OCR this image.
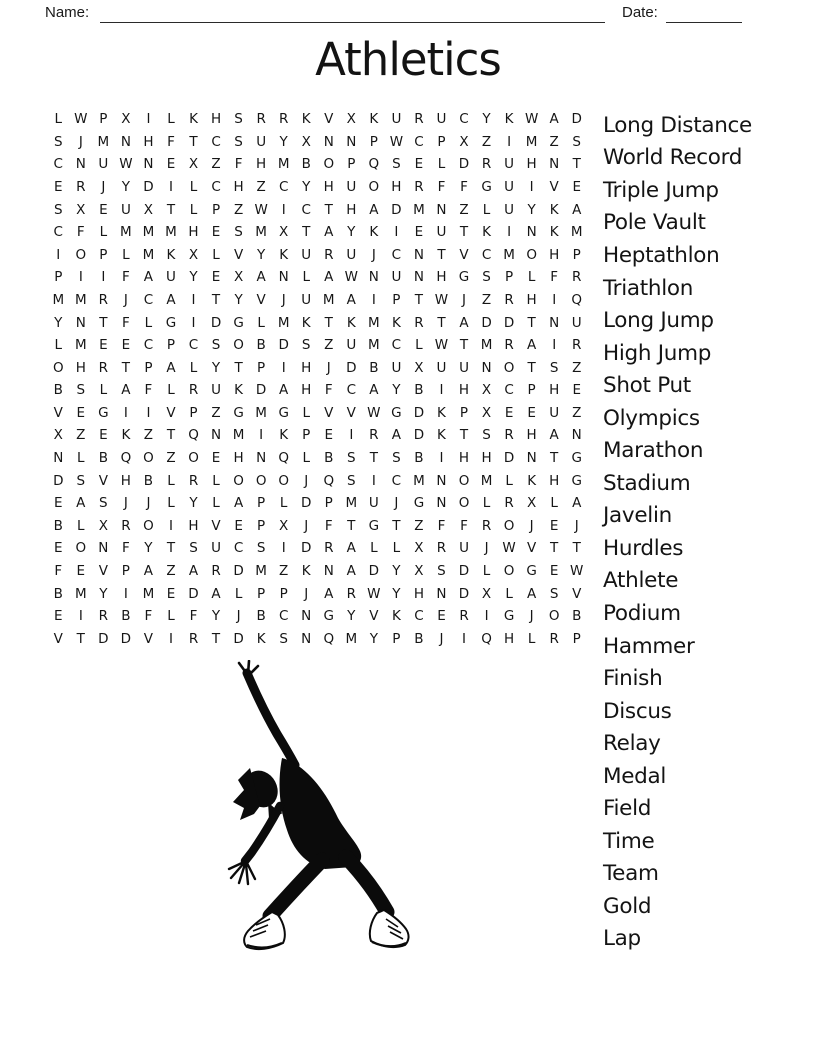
Name:	Date:
Athletics
L W P	X	I	L	K H S	R R K V X K U R U C	Y	K W A D
S	J	M N H	F	T	C	S U Y	X N N P W C	P	X Z	I	M Z	S
C N U W N E	X Z	F	H M B O P Q S	E	L	D R U H N T
E	R	J	Y D	I	L	C H Z C	Y H U O H R	F	F G U	I	V	E
S	X	E U X	T	L	P	Z W	I	C	T H A D M N Z	L	U Y	K A
C	F	L M M M H E	S M X	T	A	Y	K	I	E U T	K	I	N K M
I	O P	L M K X	L	V	Y	K U R U	J	C N T	V C M O H P
P	I	I	F	A U Y	E	X A N	L	A W N U N H G S	P	L	F	R
M M R	J	C A	I	T	Y	V	J	U M A	I	P	T W	J	Z R H	I	Q
Y N T	F	L	G	I	D G	L M K	T	K M K R	T	A D D T N U
L M E	E	C	P	C	S O B D S	Z U M C	L W T M R A	I	R
O H R	T	P	A	L	Y	T	P	I	H	J	D B U X U U N O T	S	Z
B	S	L	A	F	L	R U K D A H	F	C A	Y	B	I	H X C	P H E
V	E G	I	I	V	P	Z G M G	L	V V W G D K	P	X	E	E U Z
X Z	E	K Z	T Q N M	I	K	P	E	I	R A D K	T	S	R H A N
N	L	B Q O Z O E H N Q L	B	S	T	S	B	I	H H D N T G
D S	V H B	L	R	L O O O	J	Q S	I	C M N O M L	K H G
E	A	S	J	J	L	Y	L	A	P	L	D P M U	J	G N O L	R X	L	A
B	L	X R O	I	H V	E	P	X	J	F	T G T	Z	F	F	R O	J	E	J
E O N	F	Y	T	S U C	S	I	D R A	L	L	X R U	J	W V	T	T
F	E	V	P	A Z A R D M Z K N A D Y	X	S D	L O G E W
B M Y	I	M E D A	L	P	P	J	A R W Y H N D X	L	A	S	V
E	I	R B	F	L	F	Y	J	B C N G Y	V K C	E	R	I	G	J	O B
V	T D D V	I	R	T D K	S N Q M Y	P	B	J	I	Q H	L	R	P
Long Distance
World Record
Triple Jump
Pole Vault
Heptathlon
Triathlon
Long Jump
High Jump
Shot Put
Olympics
Marathon
Stadium
Javelin
Hurdles
Athlete
Podium
Hammer
Finish
Discus
Relay
Medal
Field
Time
Team
Gold
Lap
